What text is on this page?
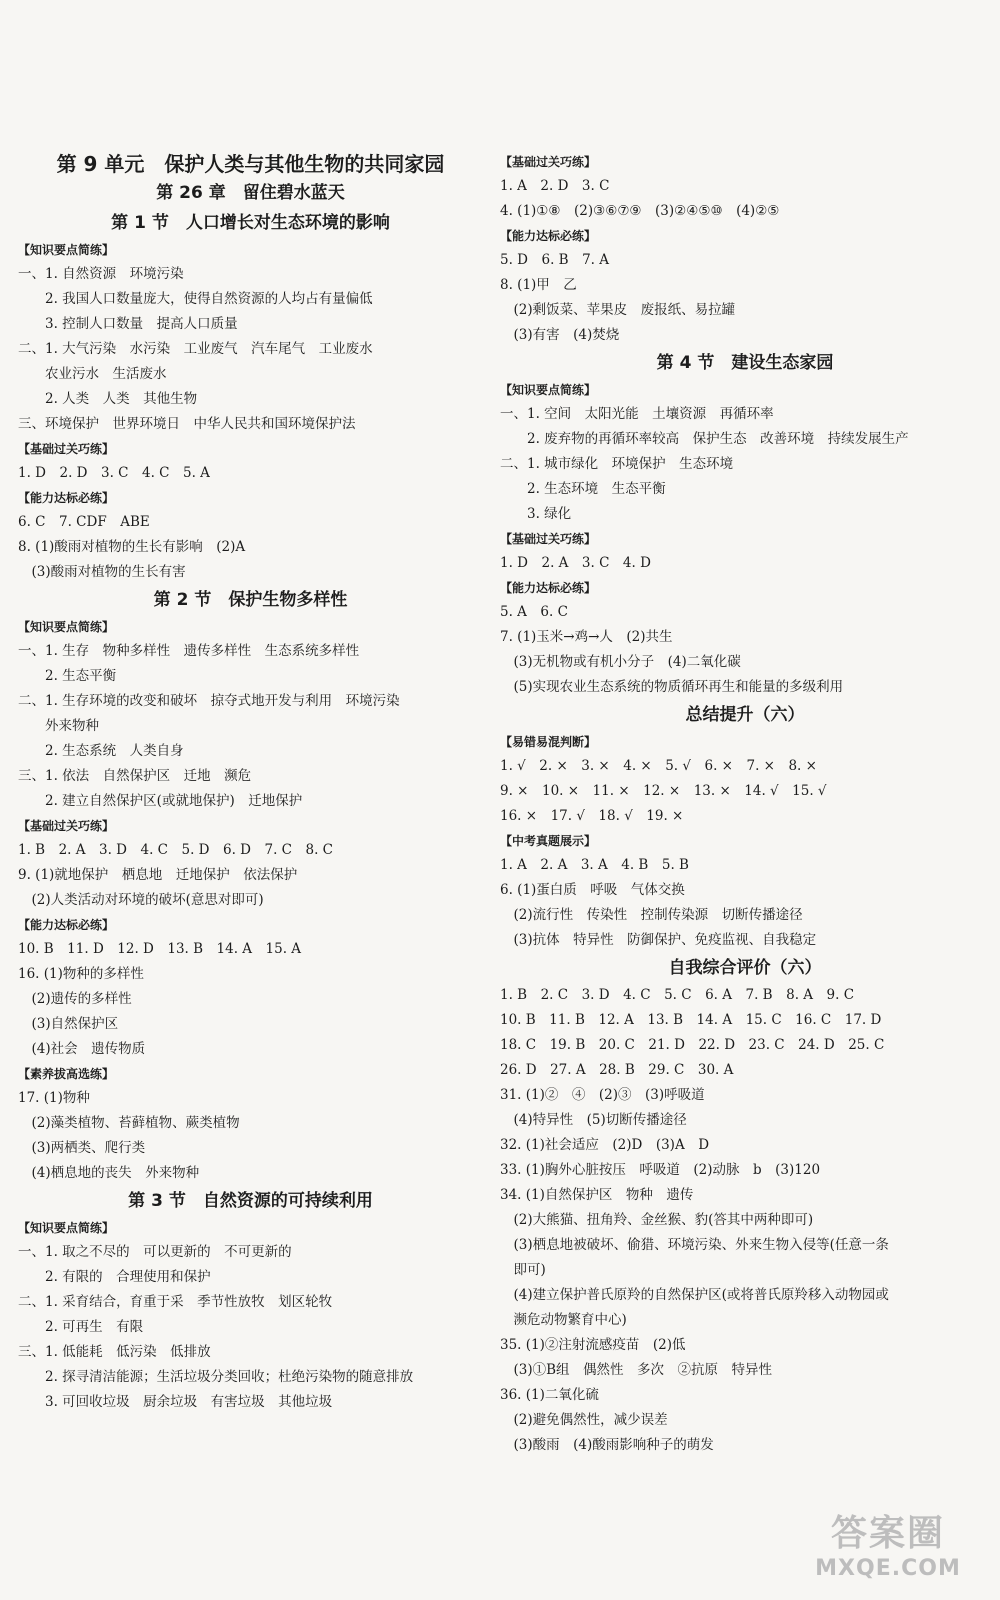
第 9 单元　保护人类与其他生物的共同家园
第 26 章　留住碧水蓝天
第 1 节　人口增长对生态环境的影响
【知识要点简练】
一、1. 自然资源　环境污染
　　2. 我国人口数量庞大，使得自然资源的人均占有量偏低
　　3. 控制人口数量　提高人口质量
二、1. 大气污染　水污染　工业废气　汽车尾气　工业废水
　　农业污水　生活废水
　　2. 人类　人类　其他生物
三、环境保护　世界环境日　中华人民共和国环境保护法
【基础过关巧练】
1. D　2. D　3. C　4. C　5. A
【能力达标必练】
6. C　7. CDF　ABE
8. (1)酸雨对植物的生长有影响　(2)A
　(3)酸雨对植物的生长有害
第 2 节　保护生物多样性
【知识要点简练】
一、1. 生存　物种多样性　遗传多样性　生态系统多样性
　　2. 生态平衡
二、1. 生存环境的改变和破坏　掠夺式地开发与利用　环境污染
　　外来物种
　　2. 生态系统　人类自身
三、1. 依法　自然保护区　迁地　濒危
　　2. 建立自然保护区(或就地保护)　迁地保护
【基础过关巧练】
1. B　2. A　3. D　4. C　5. D　6. D　7. C　8. C
9. (1)就地保护　栖息地　迁地保护　依法保护
　(2)人类活动对环境的破坏(意思对即可)
【能力达标必练】
10. B　11. D　12. D　13. B　14. A　15. A
16. (1)物种的多样性
　(2)遗传的多样性
　(3)自然保护区
　(4)社会　遗传物质
【素养拔高选练】
17. (1)物种
　(2)藻类植物、苔藓植物、蕨类植物
　(3)两栖类、爬行类
　(4)栖息地的丧失　外来物种
第 3 节　自然资源的可持续利用
【知识要点简练】
一、1. 取之不尽的　可以更新的　不可更新的
　　2. 有限的　合理使用和保护
二、1. 采育结合，育重于采　季节性放牧　划区轮牧
　　2. 可再生　有限
三、1. 低能耗　低污染　低排放
　　2. 探寻清洁能源；生活垃圾分类回收；杜绝污染物的随意排放
　　3. 可回收垃圾　厨余垃圾　有害垃圾　其他垃圾
【基础过关巧练】
1. A　2. D　3. C
4. (1)①⑧　(2)③⑥⑦⑨　(3)②④⑤⑩　(4)②⑤
【能力达标必练】
5. D　6. B　7. A
8. (1)甲　乙
　(2)剩饭菜、苹果皮　废报纸、易拉罐
　(3)有害　(4)焚烧
第 4 节　建设生态家园
【知识要点简练】
一、1. 空间　太阳光能　土壤资源　再循环率
　　2. 废弃物的再循环率较高　保护生态　改善环境　持续发展生产
二、1. 城市绿化　环境保护　生态环境
　　2. 生态环境　生态平衡
　　3. 绿化
【基础过关巧练】
1. D　2. A　3. C　4. D
【能力达标必练】
5. A　6. C
7. (1)玉米→鸡→人　(2)共生
　(3)无机物或有机小分子　(4)二氧化碳
　(5)实现农业生态系统的物质循环再生和能量的多级利用
总结提升（六）
【易错易混判断】
1. √　2. ×　3. ×　4. ×　5. √　6. ×　7. ×　8. ×
9. ×　10. ×　11. ×　12. ×　13. ×　14. √　15. √
16. ×　17. √　18. √　19. ×
【中考真题展示】
1. A　2. A　3. A　4. B　5. B
6. (1)蛋白质　呼吸　气体交换
　(2)流行性　传染性　控制传染源　切断传播途径
　(3)抗体　特异性　防御保护、免疫监视、自我稳定
自我综合评价（六）
1. B　2. C　3. D　4. C　5. C　6. A　7. B　8. A　9. C
10. B　11. B　12. A　13. B　14. A　15. C　16. C　17. D
18. C　19. B　20. C　21. D　22. D　23. C　24. D　25. C
26. D　27. A　28. B　29. C　30. A
31. (1)②　④　(2)③　(3)呼吸道
　(4)特异性　(5)切断传播途径
32. (1)社会适应　(2)D　(3)A　D
33. (1)胸外心脏按压　呼吸道　(2)动脉　b　(3)120
34. (1)自然保护区　物种　遗传
　(2)大熊猫、扭角羚、金丝猴、豹(答其中两种即可)
　(3)栖息地被破坏、偷猎、环境污染、外来生物入侵等(任意一条
　即可)
　(4)建立保护普氏原羚的自然保护区(或将普氏原羚移入动物园或
　濒危动物繁育中心)
35. (1)②注射流感疫苗　(2)低
　(3)①B组　偶然性　多次　②抗原　特异性
36. (1)二氧化硫
　(2)避免偶然性，减少误差
　(3)酸雨　(4)酸雨影响种子的萌发
答案圈
MXQE.COM
